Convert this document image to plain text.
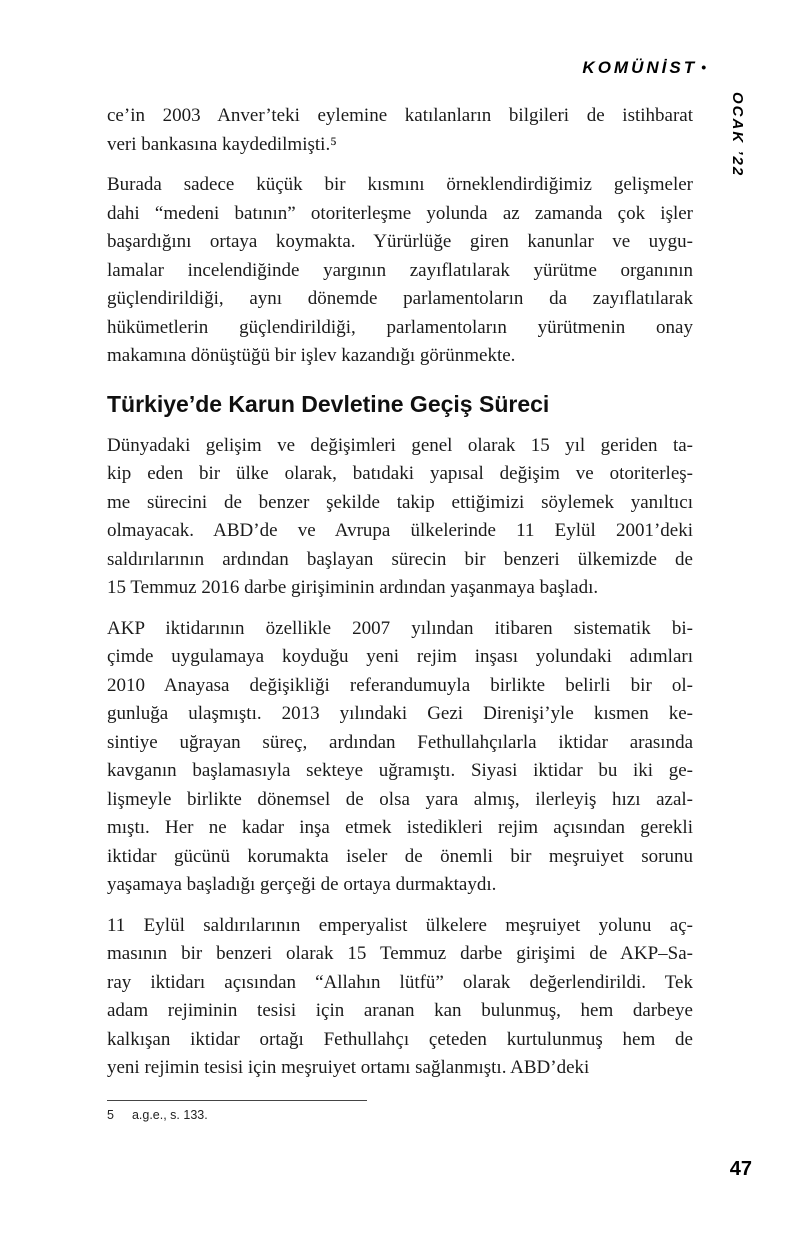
KOMÜNİST •
OCAK ’22
ce’in 2003 Anver’teki eylemine katılanların bilgileri de istihbarat
veri bankasına kaydedilmişti.⁵
Burada sadece küçük bir kısmını örneklendirdiğimiz gelişmeler
dahi “medeni batının” otoriterleşme yolunda az zamanda çok işler
başardığını ortaya koymakta. Yürürlüğe giren kanunlar ve uygu-
lamalar incelendiğinde yargının zayıflatılarak yürütme organının
güçlendirildiği, aynı dönemde parlamentoların da zayıflatılarak
hükümetlerin güçlendirildiği, parlamentoların yürütmenin onay
makamına dönüştüğü bir işlev kazandığı görünmekte.
Türkiye’de Karun Devletine Geçiş Süreci
Dünyadaki gelişim ve değişimleri genel olarak 15 yıl geriden ta-
kip eden bir ülke olarak, batıdaki yapısal değişim ve otoriterleş-
me sürecini de benzer şekilde takip ettiğimizi söylemek yanıltıcı
olmayacak. ABD’de ve Avrupa ülkelerinde 11 Eylül 2001’deki
saldırılarının ardından başlayan sürecin bir benzeri ülkemizde de
15 Temmuz 2016 darbe girişiminin ardından yaşanmaya başladı.
AKP iktidarının özellikle 2007 yılından itibaren sistematik bi-
çimde uygulamaya koyduğu yeni rejim inşası yolundaki adımları
2010 Anayasa değişikliği referandumuyla birlikte belirli bir ol-
gunluğa ulaşmıştı. 2013 yılındaki Gezi Direnişi’yle kısmen ke-
sintiye uğrayan süreç, ardından Fethullahçılarla iktidar arasında
kavganın başlamasıyla sekteye uğramıştı. Siyasi iktidar bu iki ge-
lişmeyle birlikte dönemsel de olsa yara almış, ilerleyiş hızı azal-
mıştı. Her ne kadar inşa etmek istedikleri rejim açısından gerekli
iktidar gücünü korumakta iseler de önemli bir meşruiyet sorunu
yaşamaya başladığı gerçeği de ortaya durmaktaydı.
11 Eylül saldırılarının emperyalist ülkelere meşruiyet yolunu aç-
masının bir benzeri olarak 15 Temmuz darbe girişimi de AKP–Sa-
ray iktidarı açısından “Allahın lütfü” olarak değerlendirildi. Tek
adam rejiminin tesisi için aranan kan bulunmuş, hem darbeye
kalkışan iktidar ortağı Fethullahçı çeteden kurtulunmuş hem de
yeni rejimin tesisi için meşruiyet ortamı sağlanmıştı. ABD’deki
5 a.g.e., s. 133.
47
